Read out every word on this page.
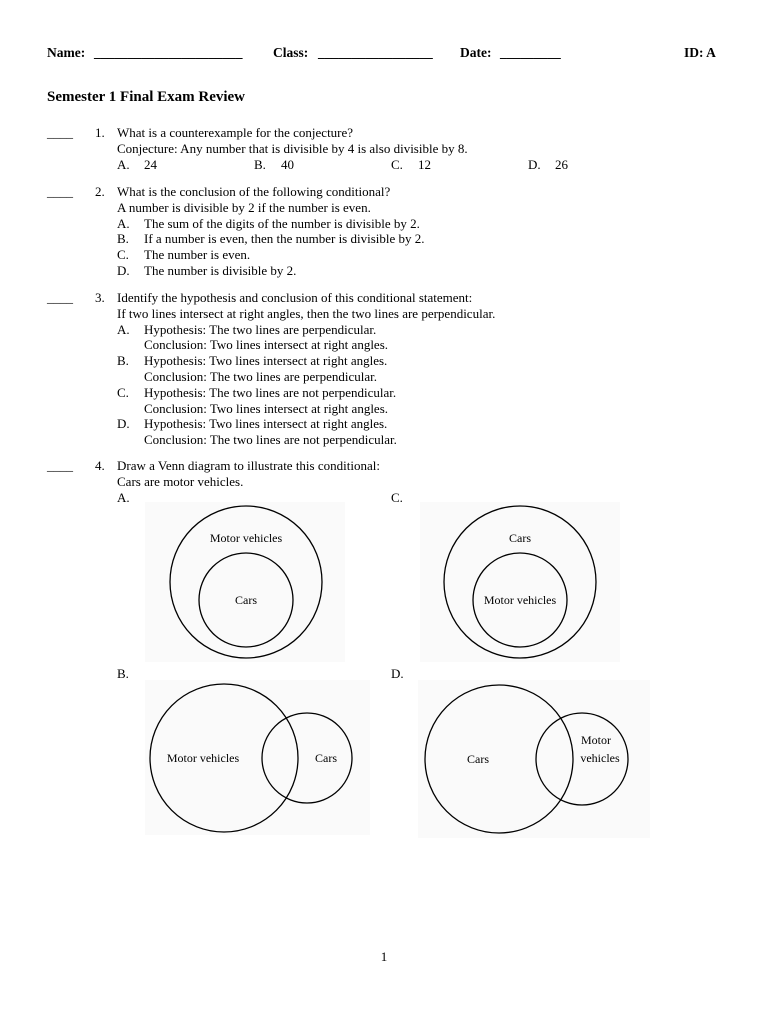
Name: ______________________ Class: _________________ Date: _________	ID: A
Semester 1 Final Exam Review
____ 1. What is a counterexample for the conjecture?
Conjecture: Any number that is divisible by 4 is also divisible by 8.
A. 24	B. 40	C. 12	D. 26
____ 2. What is the conclusion of the following conditional?
A number is divisible by 2 if the number is even.
A. The sum of the digits of the number is divisible by 2.
B. If a number is even, then the number is divisible by 2.
C. The number is even.
D. The number is divisible by 2.
____ 3. Identify the hypothesis and conclusion of this conditional statement:
If two lines intersect at right angles, then the two lines are perpendicular.
A. Hypothesis: The two lines are perpendicular.
Conclusion: Two lines intersect at right angles.
B. Hypothesis: Two lines intersect at right angles.
Conclusion: The two lines are perpendicular.
C. Hypothesis: The two lines are not perpendicular.
Conclusion: Two lines intersect at right angles.
D. Hypothesis: Two lines intersect at right angles.
Conclusion: The two lines are not perpendicular.
____ 4. Draw a Venn diagram to illustrate this conditional:
Cars are motor vehicles.
A.	C.
B.	D.
Motor vehicles
Cars
Cars
Motor vehicles
Motor vehicles	Cars	Cars
Motor
vehicles
1
